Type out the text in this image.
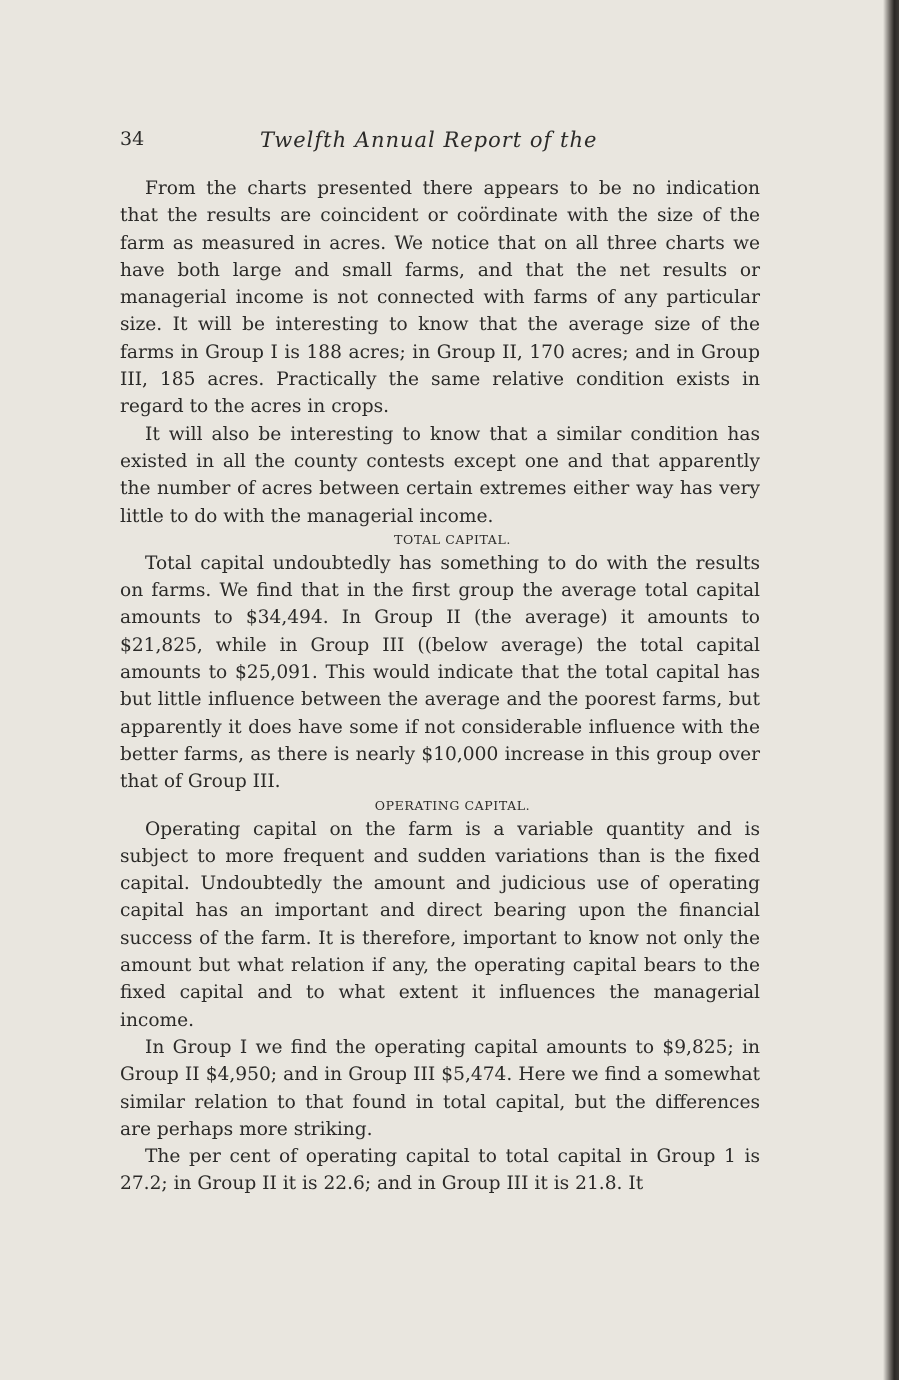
34	Twelfth Annual Report of the

From the charts presented there appears to be no indication that the results are coincident or coördinate with the size of the farm as measured in acres. We notice that on all three charts we have both large and small farms, and that the net results or managerial income is not connected with farms of any particular size. It will be interesting to know that the average size of the farms in Group I is 188 acres; in Group II, 170 acres; and in Group III, 185 acres. Practically the same relative condition exists in regard to the acres in crops.

It will also be interesting to know that a similar condition has existed in all the county contests except one and that apparently the number of acres between certain extremes either way has very little to do with the managerial income.

TOTAL CAPITAL.

Total capital undoubtedly has something to do with the results on farms. We find that in the first group the average total capital amounts to $34,494. In Group II (the average) it amounts to $21,825, while in Group III ((below average) the total capital amounts to $25,091. This would indicate that the total capital has but little influence between the average and the poorest farms, but apparently it does have some if not considerable influence with the better farms, as there is nearly $10,000 increase in this group over that of Group III.

OPERATING CAPITAL.

Operating capital on the farm is a variable quantity and is subject to more frequent and sudden variations than is the fixed capital. Undoubtedly the amount and judicious use of operating capital has an important and direct bearing upon the financial success of the farm. It is therefore, important to know not only the amount but what relation if any, the operating capital bears to the fixed capital and to what extent it influences the managerial income.

In Group I we find the operating capital amounts to $9,825; in Group II $4,950; and in Group III $5,474. Here we find a somewhat similar relation to that found in total capital, but the differences are perhaps more striking.

The per cent of operating capital to total capital in Group 1 is 27.2; in Group II it is 22.6; and in Group III it is 21.8. It
